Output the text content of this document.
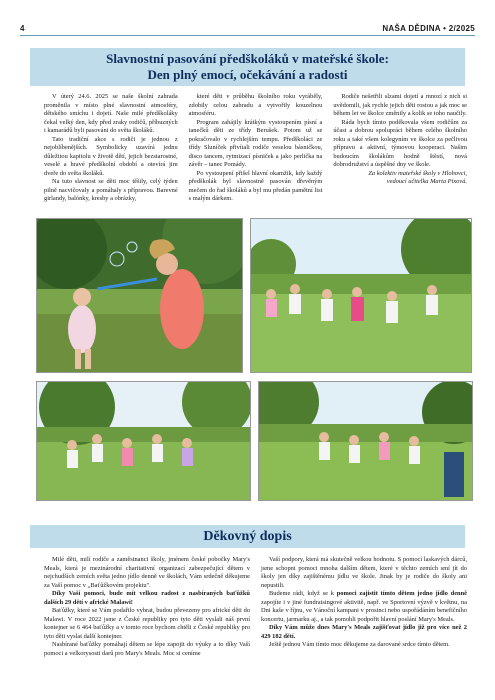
4	NAŠA DĚDINA • 2/2025
Slavnostní pasování předškoláků v mateřské škole:
Den plný emocí, očekávání a radosti

V úterý 24.6. 2025 se naše školní zahrada proměnila v místo plné slavnostní atmosféry, dětského smíchu i dojetí. Naše milé předškoláky čekal velký den, kdy před zraky rodičů, příbuzných i kamarádů byli pasováni do světa školáků.

Tato tradiční akce s rodiči je jednou z nejoblíbenějších. Symbolicky uzavírá jednu důležitou kapitolu v životě dětí, jejich bezstarostné, veselé a hravé předškolní období a otevírá jim dveře do světa školáků.

Na tuto slavnost se děti moc těšily, celý týden pilně nacvičovaly a pomáhaly s přípravou. Barevné girlandy, balónky, kresby a obrázky,

které děti v průběhu školního roku vyráběly, zdobily celou zahradu a vytvořily kouzelnou atmosféru.

Program zahájily krátkým vystoupením písní a tanečků děti ze třídy Berušek. Potom už se pokračovalo v rychlejším tempu. Předškoláci ze třídy Sluníček přivítali rodiče veselou básničkou, disco tancem, rytmizací písniček a jako perlička na závěr – tanec Pomády.

Po vystoupení přišel hlavní okamžik, kdy každý předškolák byl slavnostně pasován dřevěným mečem do řad školáků a byl mu předán pamětní list s malým dárkem.

Rodiče nešetřili slzami dojetí a mnozí z nich si uvědomili, jak rychle jejich děti rostou a jak moc se během let ve školce změnily a kolik se toho naučily.

Ráda bych tímto poděkovala všem rodičům za účast a dobrou spolupráci během celého školního roku a také všem kolegyním ve školce za pečlivou přípravu a aktivní, týmovou kooperaci. Našim budoucím školákům hodně štěstí, nová dobrodružství a úspěšné dny ve škole.

Za kolektiv mateřské školy v Hlohovci,

vedoucí učitelka Marta Pixová.

Děkovný dopis

Milé děti, milí rodiče a zaměstnanci školy, jménem české pobočky Mary's Meals, která je mezinárodní charitativní organizací zabezpečující dětem v nejchudších zemích světa jedno jídlo denně ve školách, Vám srdečně děkujeme za Vaší pomoc v „Baťůžkovém projektu".

Díky Vaší pomoci, bude mít velkou radost z nasbíraných baťůžků dalších 29 dětí v africké Malawi!

Baťůžky, které se Vám podařilo vybrat, budou převezeny pro africké děti do Malawi. V roce 2022 jsme z České republiky pro tyto děti vyslali náš první kontejner se 6 464 baťůžky a v tomto roce bychom chtěli z České republiky pro tyto děti vyslat další kontejner.

Nasbírané baťůžky pomáhají dětem se lépe zapojit do výuky a to díky Vaší pomoci a velkorysosti darů pro Mary's Meals. Moc si ceníme

Vaší podpory, která má skutečně velkou hodnotu. S pomocí laskavých dárců, jsme schopni pomoci mnoha dalším dětem, které v těchto zemích smí jít do školy jen díky zajištěnému jídlu ve škole. Jinak by je rodiče do školy ani nepustili.

Budeme rádi, když se k pomoci zajistit tímto dětem jedno jídlo denně zapojíte i v jiné fundraisingové aktivitě, např. ve Sportovní výzvě v květnu, na Dni kaše v říjnu, ve Vánoční kampani v prosinci nebo uspořádáním benefičního koncertu, jarmarku aj., a tak pomohli podpořit hlavní poslání Mary's Meals.

Díky Vám může dnes Mary's Meals zajišťovat jídlo již pro více než 2 429 182 dětí.

Ještě jednou Vám tímto moc děkujeme za darované srdce tímto dětem.
